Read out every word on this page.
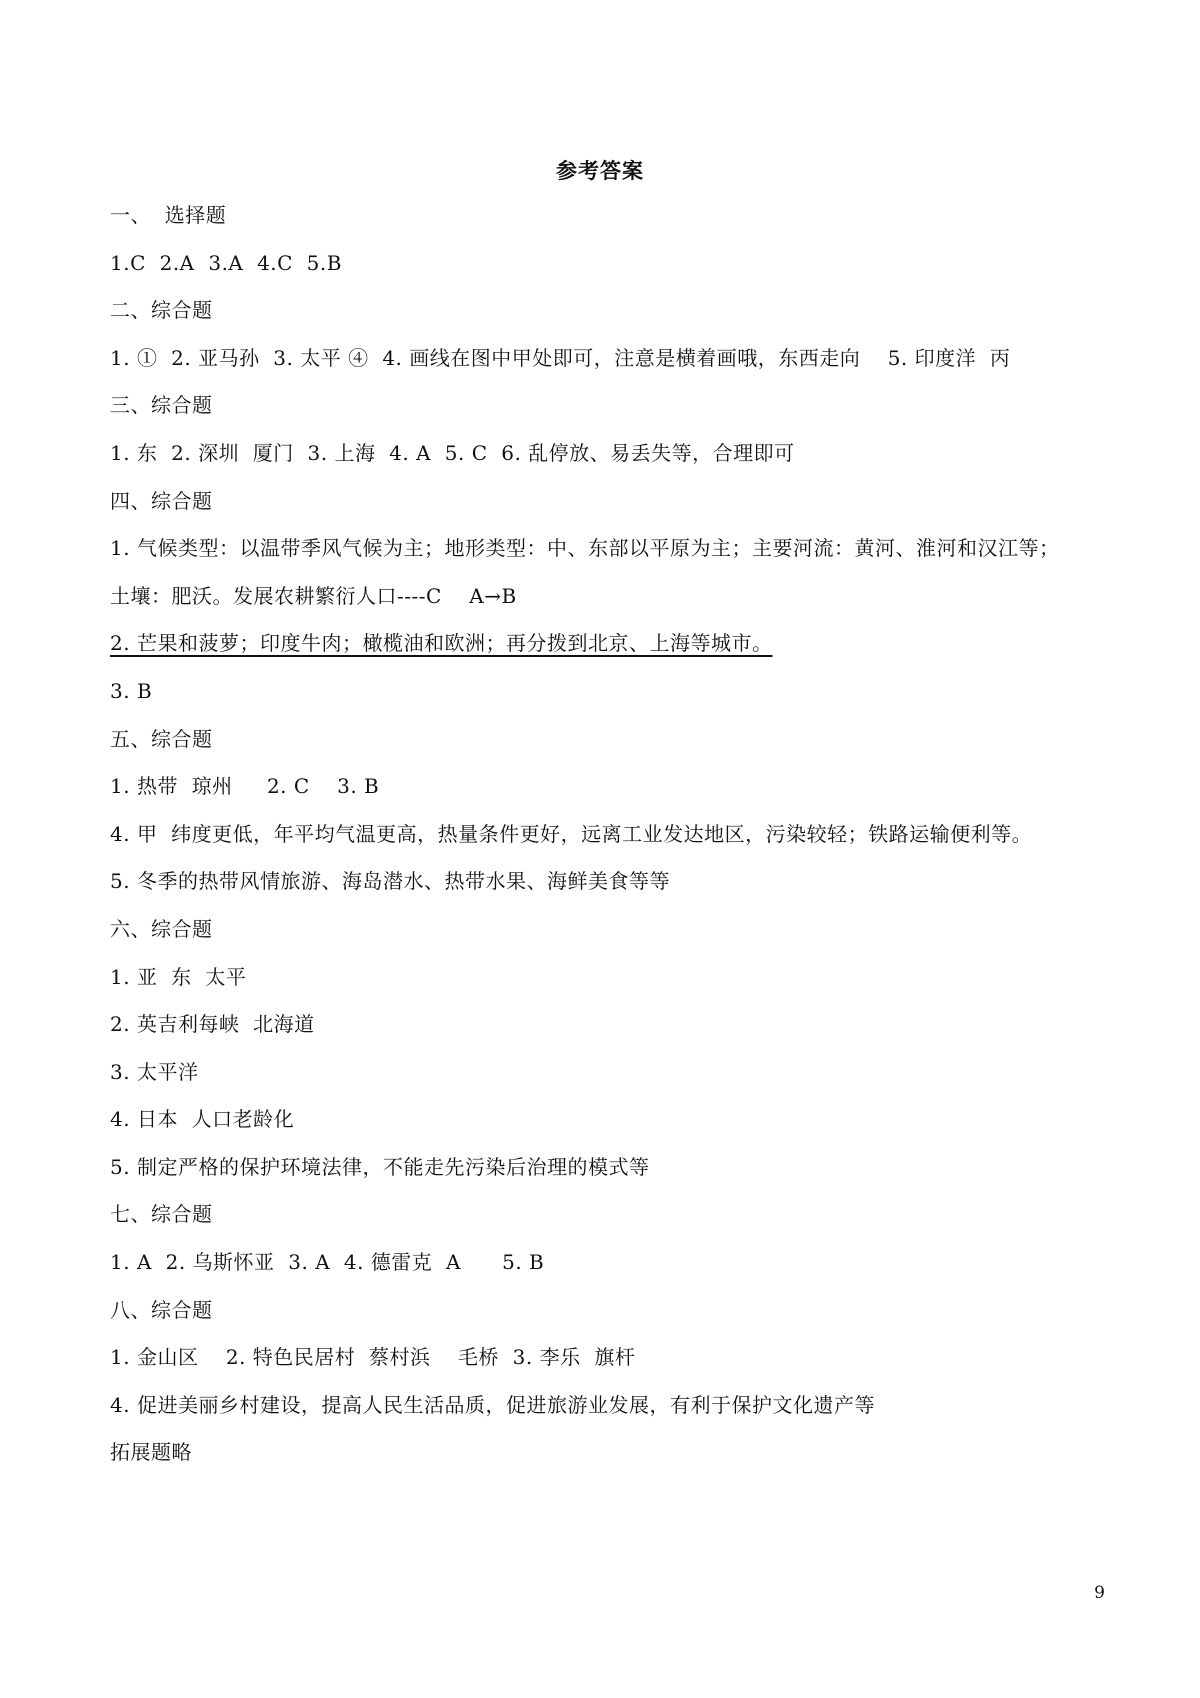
参考答案
一、  选择题
1.C  2.A  3.A  4.C  5.B
二、综合题
1. ①  2. 亚马孙  3. 太平 ④  4. 画线在图中甲处即可，注意是横着画哦，东西走向    5. 印度洋  丙
三、综合题
1. 东  2. 深圳  厦门  3. 上海  4. A  5. C  6. 乱停放、易丢失等，合理即可
四、综合题
1. 气候类型：以温带季风气候为主；地形类型：中、东部以平原为主；主要河流：黄河、淮河和汉江等；
土壤：肥沃。发展农耕繁衍人口----C    A→B
2. 芒果和菠萝；印度牛肉；橄榄油和欧洲；再分拨到北京、上海等城市。
3. B
五、综合题
1. 热带  琼州     2. C    3. B
4. 甲  纬度更低，年平均气温更高，热量条件更好，远离工业发达地区，污染较轻；铁路运输便利等。
5. 冬季的热带风情旅游、海岛潜水、热带水果、海鲜美食等等
六、综合题
1. 亚  东  太平
2. 英吉利每峡  北海道
3. 太平洋
4. 日本  人口老龄化
5. 制定严格的保护环境法律，不能走先污染后治理的模式等
七、综合题
1. A  2. 乌斯怀亚  3. A  4. 德雷克  A      5. B
八、综合题
1. 金山区    2. 特色民居村  蔡村浜    毛桥  3. 李乐  旗杆
4. 促进美丽乡村建设，提高人民生活品质，促进旅游业发展，有利于保护文化遗产等
拓展题略
9
